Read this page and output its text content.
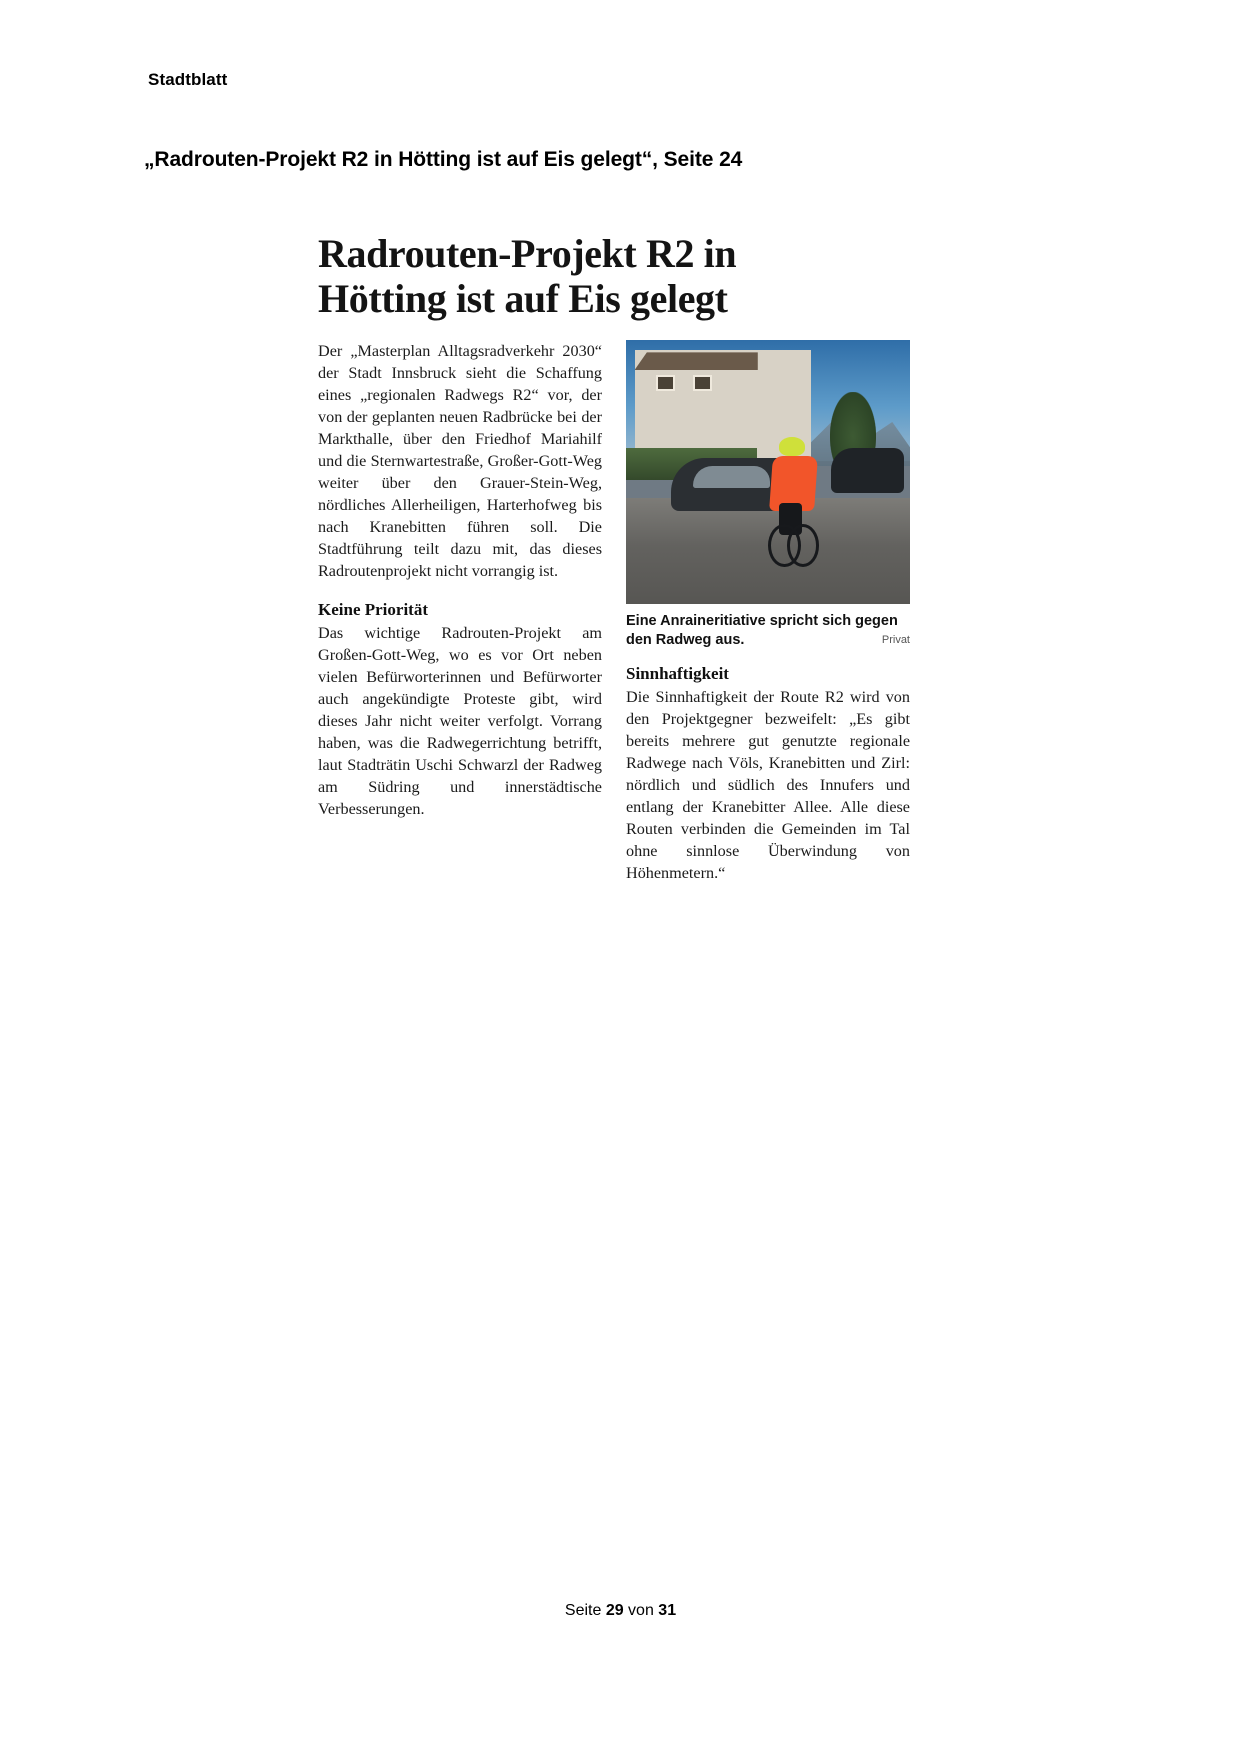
Stadtblatt
„Radrouten-Projekt R2 in Hötting ist auf Eis gelegt“, Seite 24
Radrouten-Projekt R2 in
Hötting ist auf Eis gelegt

Der „Masterplan Alltagsradverkehr 2030“ der Stadt Innsbruck sieht die Schaffung eines „regionalen Radwegs R2“ vor, der von der geplanten neuen Radbrücke bei der Markthalle, über den Friedhof Mariahilf und die Sternwartestraße, Großer-Gott-Weg weiter über den Grauer-Stein-Weg, nördliches Allerheiligen, Harterhofweg bis nach Kranebitten führen soll. Die Stadtführung teilt dazu mit, das dieses Radroutenprojekt nicht vorrangig ist.

Keine Priorität

Das wichtige Radrouten-Projekt am Großen-Gott-Weg, wo es vor Ort neben vielen Befürworterinnen und Befürworter auch angekündigte Proteste gibt, wird dieses Jahr nicht weiter verfolgt. Vorrang haben, was die Radwegerrichtung betrifft, laut Stadträtin Uschi Schwarzl der Radweg am Südring und innerstädtische Verbesserungen.

Eine Anraineritiative spricht sich gegen den Radweg aus.	Privat
Sinnhaftigkeit

Die Sinnhaftigkeit der Route R2 wird von den Projektgegner bezweifelt: „Es gibt bereits mehrere gut genutzte regionale Radwege nach Völs, Kranebitten und Zirl: nördlich und südlich des Innufers und entlang der Kranebitter Allee. Alle diese Routen verbinden die Gemeinden im Tal ohne sinnlose Überwindung von Höhenmetern.“

Seite 29 von 31
